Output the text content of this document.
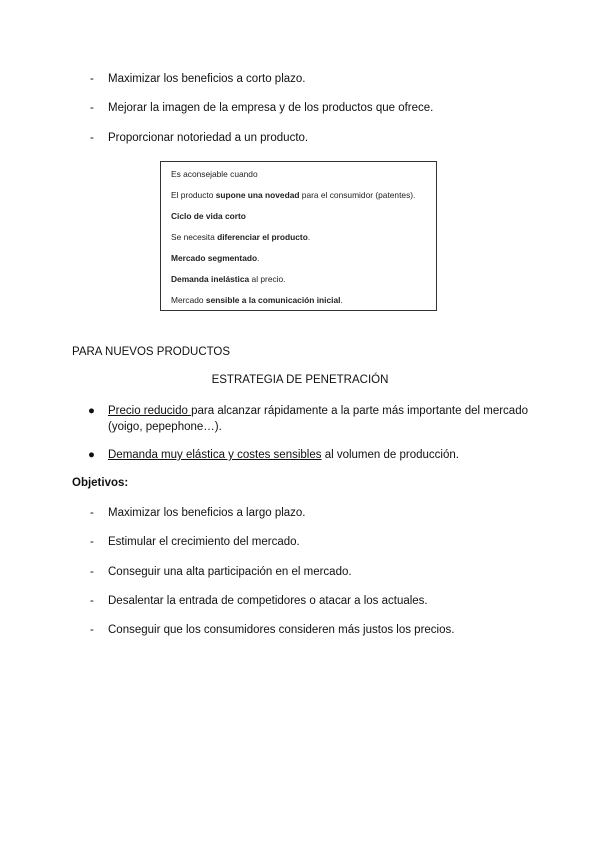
- Maximizar los beneficios a corto plazo.
- Mejorar la imagen de la empresa y de los productos que ofrece.
- Proporcionar notoriedad a un producto.
Es aconsejable cuando
El producto supone una novedad para el consumidor (patentes).
Ciclo de vida corto
Se necesita diferenciar el producto.
Mercado segmentado.
Demanda inelástica al precio.
Mercado sensible a la comunicación inicial.
PARA NUEVOS PRODUCTOS
ESTRATEGIA DE PENETRACIÓN
● Precio reducido para alcanzar rápidamente a la parte más importante del mercado (yoigo, pepephone…).
● Demanda muy elástica y costes sensibles al volumen de producción.
Objetivos:
- Maximizar los beneficios a largo plazo.
- Estimular el crecimiento del mercado.
- Conseguir una alta participación en el mercado.
- Desalentar la entrada de competidores o atacar a los actuales.
- Conseguir que los consumidores consideren más justos los precios.
